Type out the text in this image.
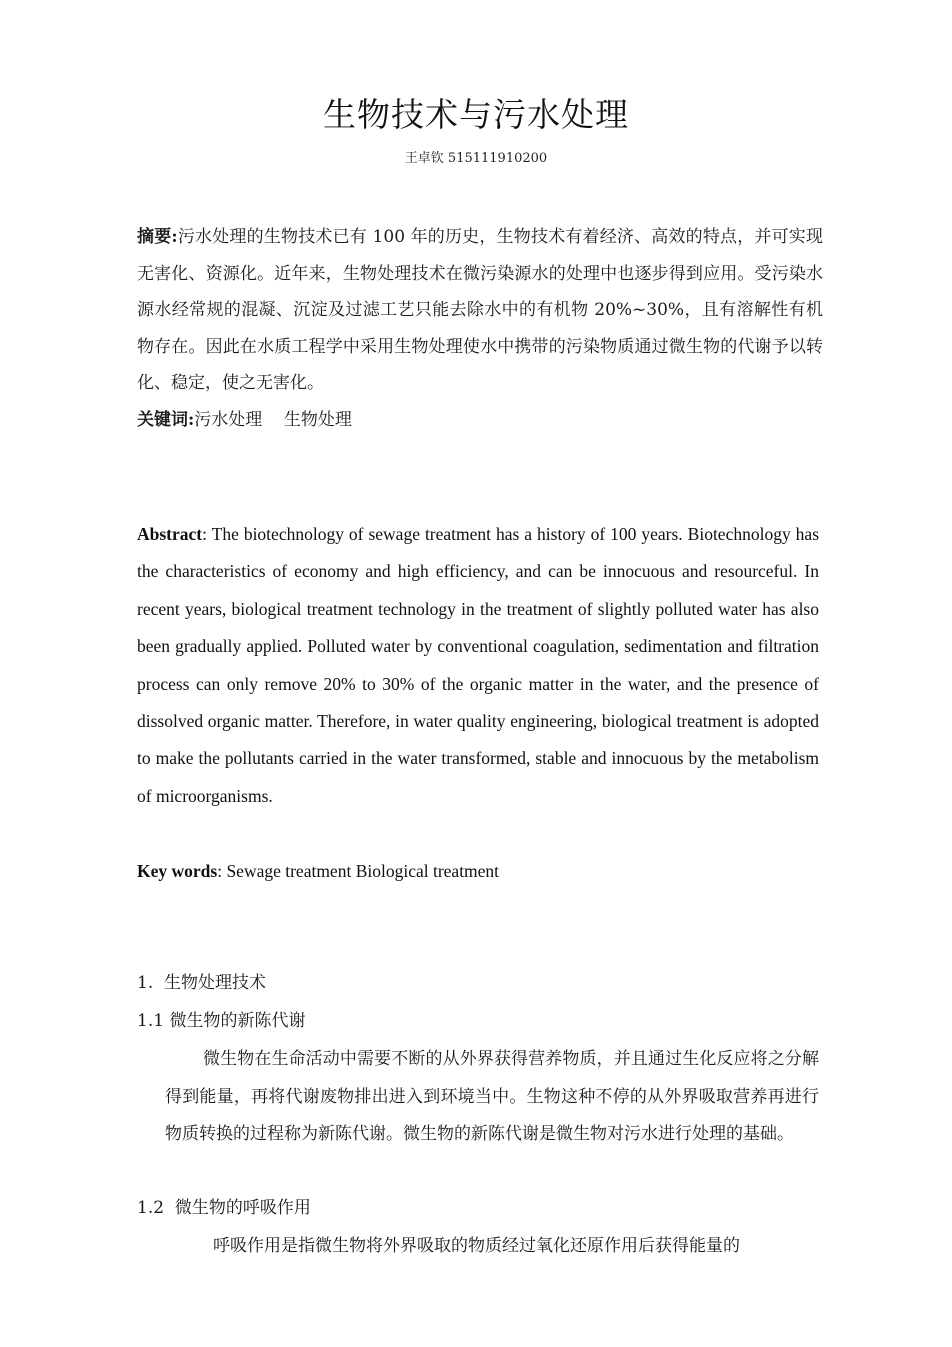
生物技术与污水处理
王卓钦 515111910200
摘要:污水处理的生物技术已有 100 年的历史，生物技术有着经济、高效的特点，并可实现无害化、资源化。近年来，生物处理技术在微污染源水的处理中也逐步得到应用。受污染水源水经常规的混凝、沉淀及过滤工艺只能去除水中的有机物 20%~30%，且有溶解性有机物存在。因此在水质工程学中采用生物处理使水中携带的污染物质通过微生物的代谢予以转化、稳定，使之无害化。
关键词:污水处理    生物处理
Abstract: The biotechnology of sewage treatment has a history of 100 years. Biotechnology has the characteristics of economy and high efficiency, and can be innocuous and resourceful. In recent years, biological treatment technology in the treatment of slightly polluted water has also been gradually applied. Polluted water by conventional coagulation, sedimentation and filtration process can only remove 20% to 30% of the organic matter in the water, and the presence of dissolved organic matter. Therefore, in water quality engineering, biological treatment is adopted to make the pollutants carried in the water transformed, stable and innocuous by the metabolism of microorganisms.
Key words: Sewage treatment Biological treatment
1.  生物处理技术
1.1 微生物的新陈代谢
微生物在生命活动中需要不断的从外界获得营养物质，并且通过生化反应将之分解得到能量，再将代谢废物排出进入到环境当中。生物这种不停的从外界吸取营养再进行物质转换的过程称为新陈代谢。微生物的新陈代谢是微生物对污水进行处理的基础。
1.2  微生物的呼吸作用
呼吸作用是指微生物将外界吸取的物质经过氧化还原作用后获得能量的
